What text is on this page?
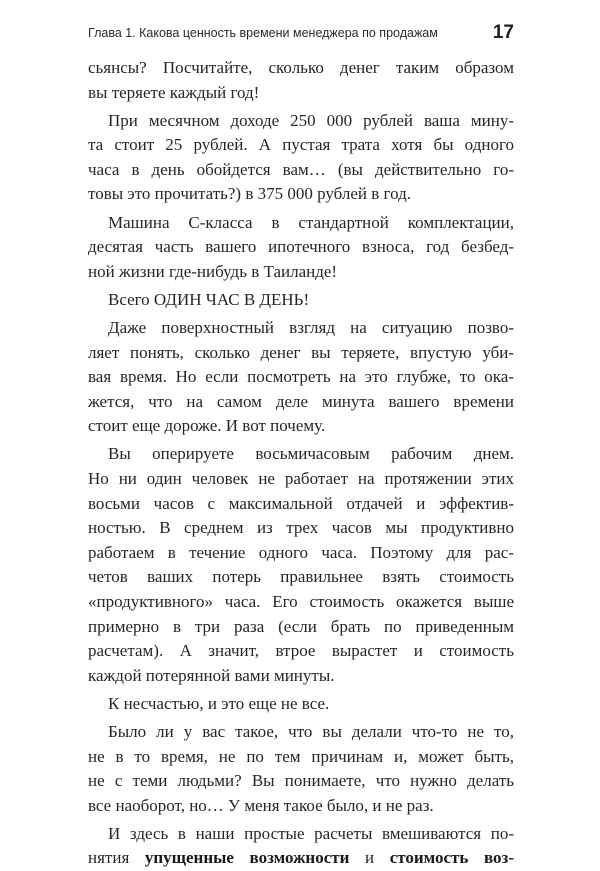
Глава 1. Какова ценность времени менеджера по продажам	17
сьянсы? Посчитайте, сколько денег таким образом
вы теряете каждый год!
При месячном доходе 250 000 рублей ваша мину-
та стоит 25 рублей. А пустая трата хотя бы одного
часа в день обойдется вам… (вы действительно го-
товы это прочитать?) в 375 000 рублей в год.
Машина C-класса в стандартной комплектации,
десятая часть вашего ипотечного взноса, год безбед-
ной жизни где-нибудь в Таиланде!
Всего ОДИН ЧАС В ДЕНЬ!
Даже поверхностный взгляд на ситуацию позво-
ляет понять, сколько денег вы теряете, впустую уби-
вая время. Но если посмотреть на это глубже, то ока-
жется, что на самом деле минута вашего времени
стоит еще дороже. И вот почему.
Вы оперируете восьмичасовым рабочим днем.
Но ни один человек не работает на протяжении этих
восьми часов с максимальной отдачей и эффектив-
ностью. В среднем из трех часов мы продуктивно
работаем в течение одного часа. Поэтому для рас-
четов ваших потерь правильнее взять стоимость
«продуктивного» часа. Его стоимость окажется выше
примерно в три раза (если брать по приведенным
расчетам). А значит, втрое вырастет и стоимость
каждой потерянной вами минуты.
К несчастью, и это еще не все.
Было ли у вас такое, что вы делали что-то не то,
не в то время, не по тем причинам и, может быть,
не с теми людьми? Вы понимаете, что нужно делать
все наоборот, но… У меня такое было, и не раз.
И здесь в наши простые расчеты вмешиваются по-
нятия упущенные возможности и стоимость воз-
